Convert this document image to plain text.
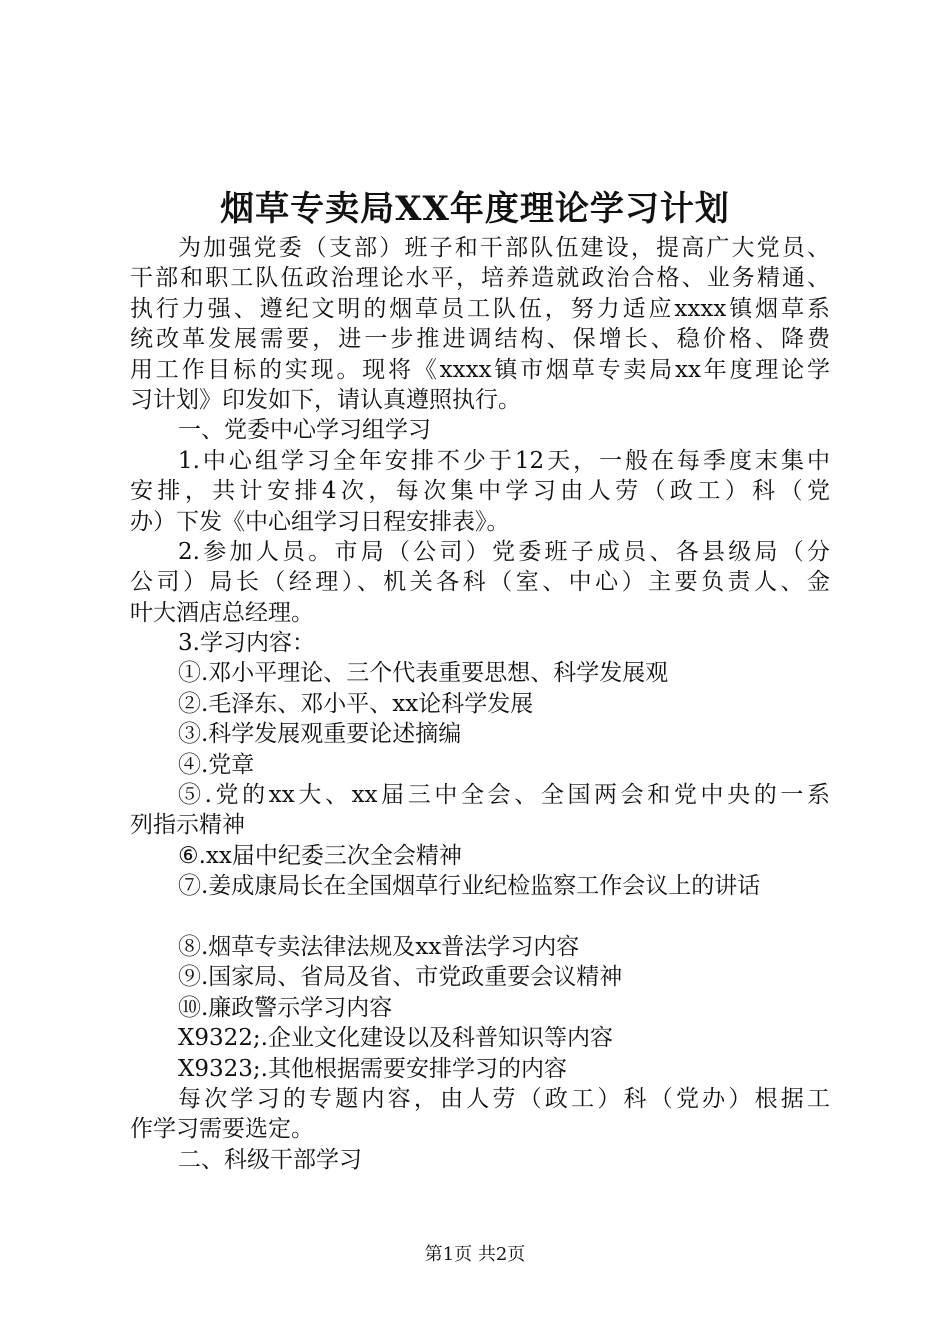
烟草专卖局XX年度理论学习计划
为加强党委（支部）班子和干部队伍建设，提高广大党员、
干部和职工队伍政治理论水平，培养造就政治合格、业务精通、
执行力强、遵纪文明的烟草员工队伍，努力适应xxxx镇烟草系
统改革发展需要，进一步推进调结构、保增长、稳价格、降费
用工作目标的实现。现将《xxxx镇市烟草专卖局xx年度理论学
习计划》印发如下，请认真遵照执行。
一、党委中心学习组学习
1.中心组学习全年安排不少于12天，一般在每季度末集中
安排，共计安排4次，每次集中学习由人劳（政工）科（党
办）下发《中心组学习日程安排表》。
2.参加人员。市局（公司）党委班子成员、各县级局（分
公司）局长（经理）、机关各科（室、中心）主要负责人、金
叶大酒店总经理。
3.学习内容：
①.邓小平理论、三个代表重要思想、科学发展观
②.毛泽东、邓小平、xx论科学发展
③.科学发展观重要论述摘编
④.党章
⑤.党的xx大、xx届三中全会、全国两会和党中央的一系
列指示精神
⑥.xx届中纪委三次全会精神
⑦.姜成康局长在全国烟草行业纪检监察工作会议上的讲话
⑧.烟草专卖法律法规及xx普法学习内容
⑨.国家局、省局及省、市党政重要会议精神
⑩.廉政警示学习内容
X9322;.企业文化建设以及科普知识等内容
X9323;.其他根据需要安排学习的内容
每次学习的专题内容，由人劳（政工）科（党办）根据工
作学习需要选定。
二、科级干部学习
第1页 共2页
